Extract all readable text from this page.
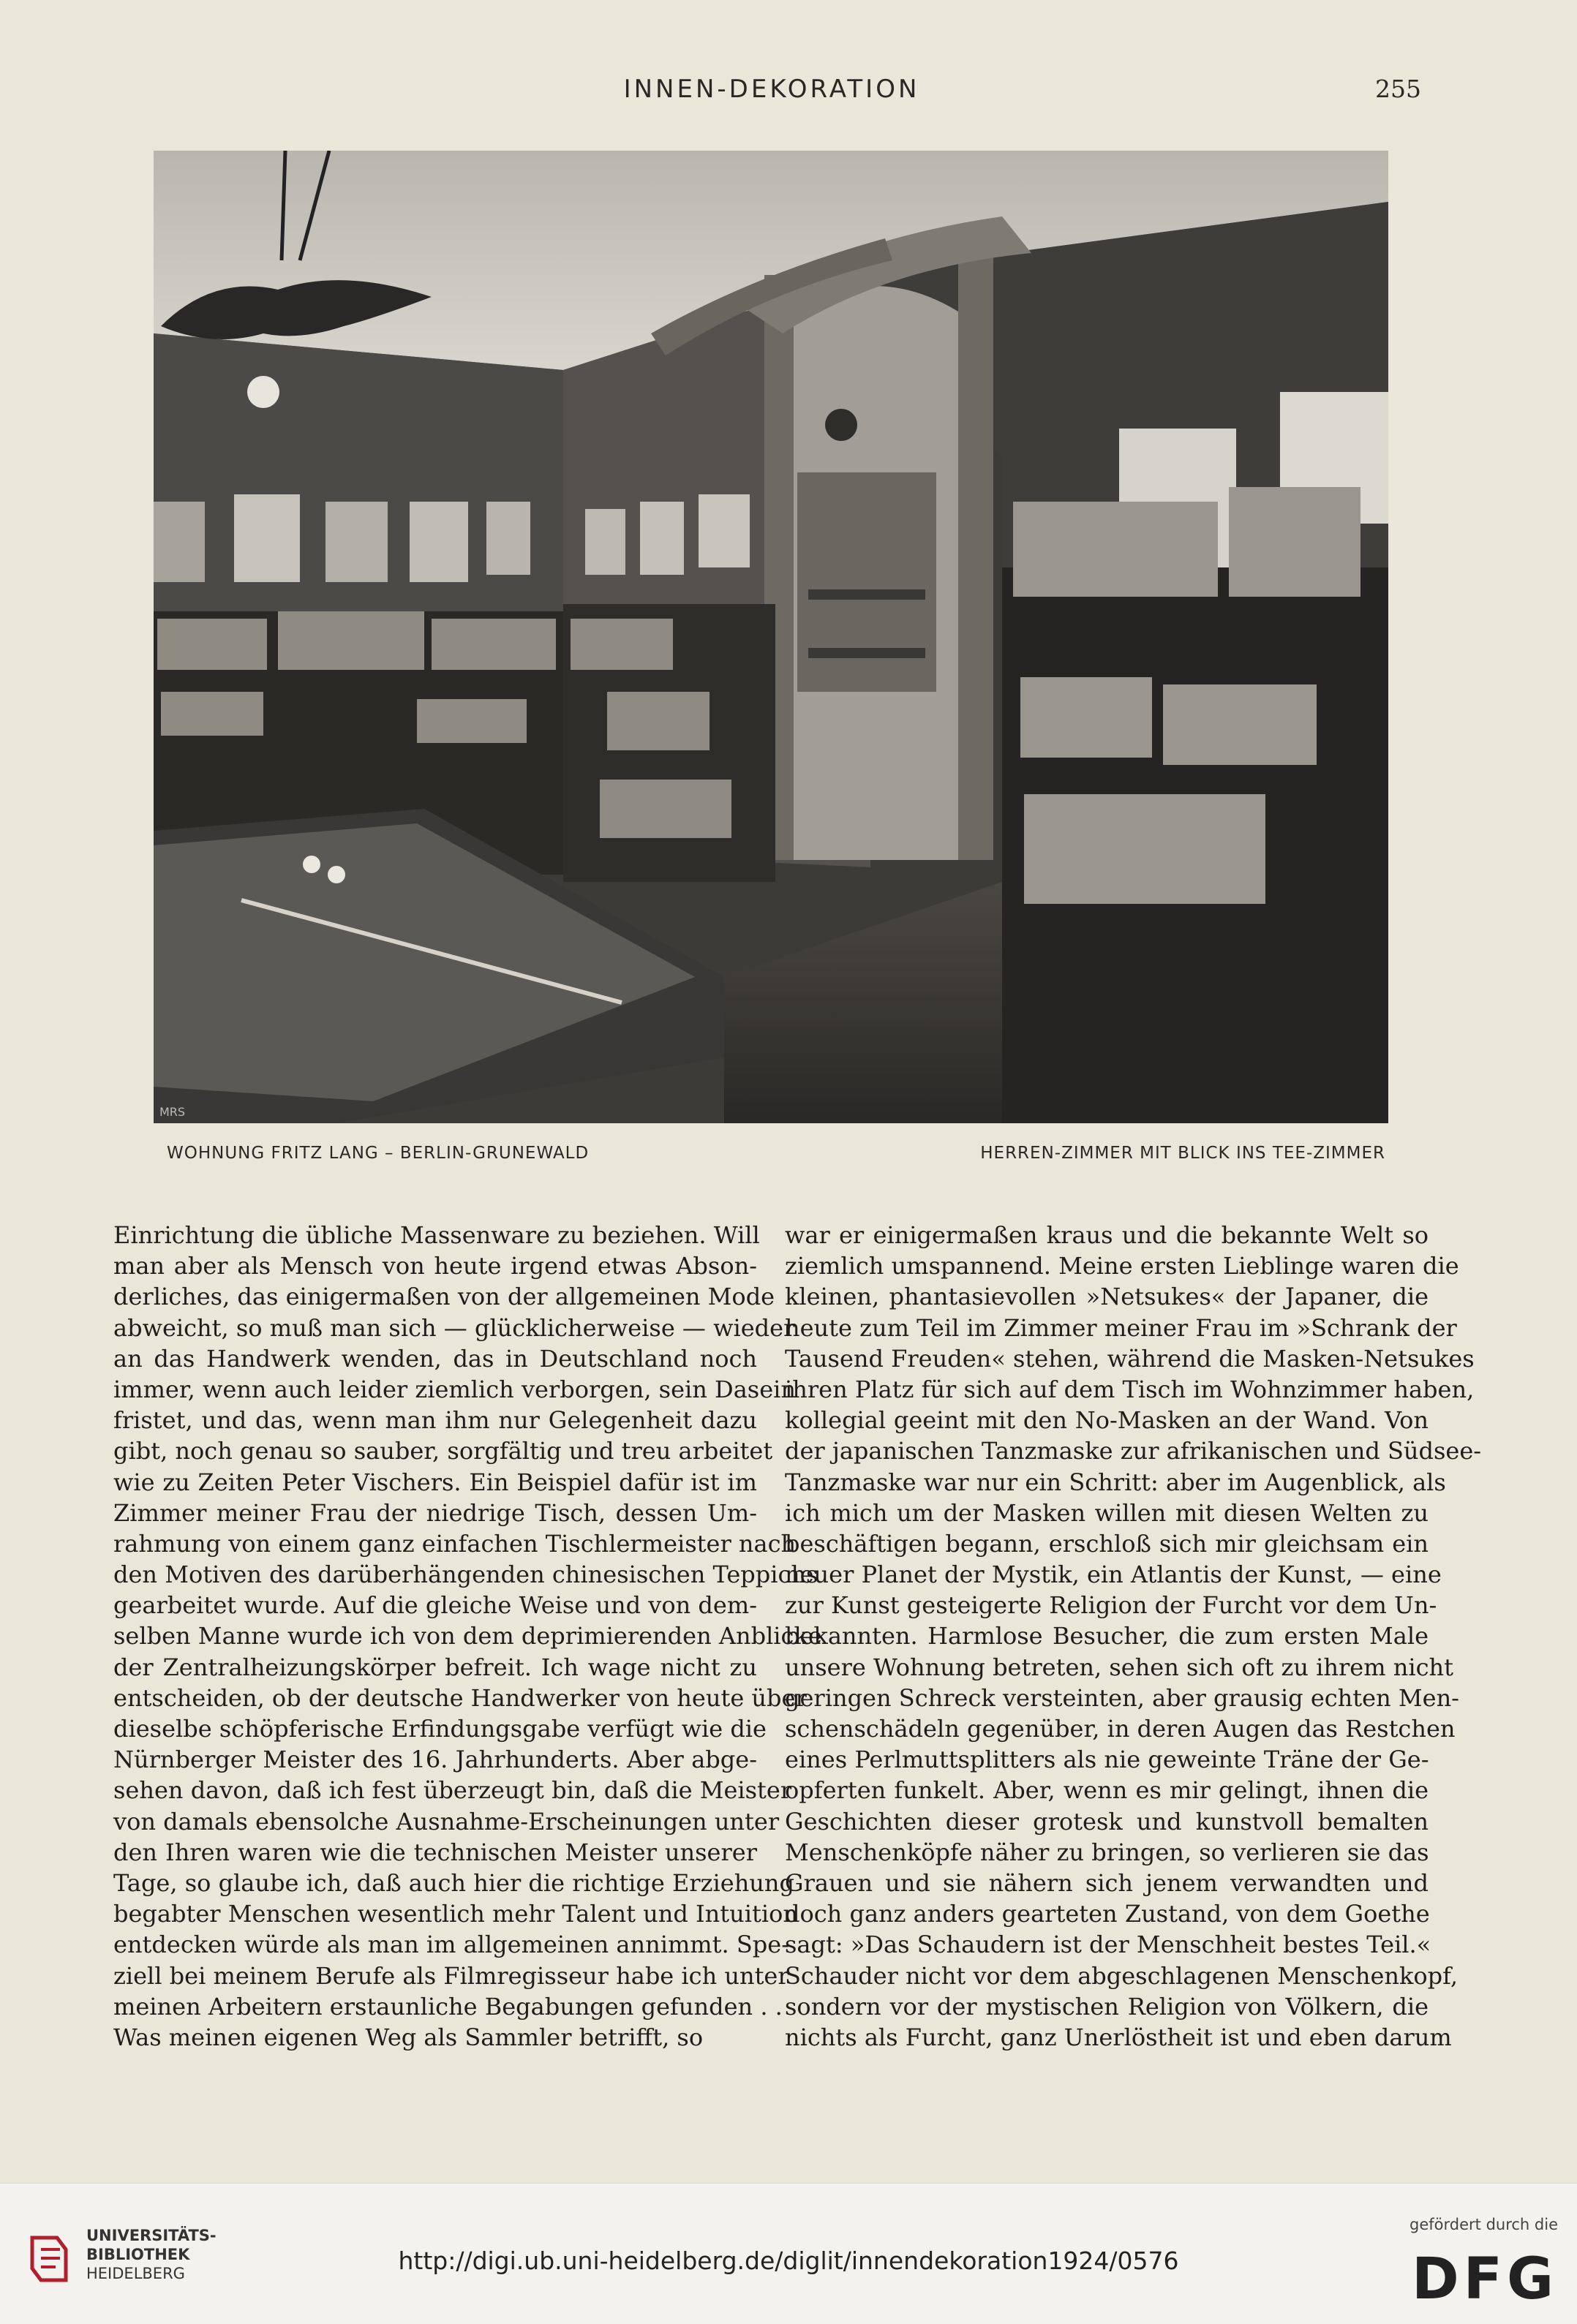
INNEN-DEKORATION	255
MRS
WOHNUNG FRITZ LANG – BERLIN-GRUNEWALD	HERREN-ZIMMER MIT BLICK INS TEE-ZIMMER
Einrichtung die übliche Massenware zu beziehen. Will
man aber als Mensch von heute irgend etwas Abson-
derliches, das einigermaßen von der allgemeinen Mode
abweicht, so muß man sich — glücklicherweise — wieder
an das Handwerk wenden, das in Deutschland noch
immer, wenn auch leider ziemlich verborgen, sein Dasein
fristet, und das, wenn man ihm nur Gelegenheit dazu
gibt, noch genau so sauber, sorgfältig und treu arbeitet
wie zu Zeiten Peter Vischers. Ein Beispiel dafür ist im
Zimmer meiner Frau der niedrige Tisch, dessen Um-
rahmung von einem ganz einfachen Tischlermeister nach
den Motiven des darüberhängenden chinesischen Teppichs
gearbeitet wurde. Auf die gleiche Weise und von dem-
selben Manne wurde ich von dem deprimierenden Anblicke
der Zentralheizungskörper befreit. Ich wage nicht zu
entscheiden, ob der deutsche Handwerker von heute über
dieselbe schöpferische Erfindungsgabe verfügt wie die
Nürnberger Meister des 16. Jahrhunderts. Aber abge-
sehen davon, daß ich fest überzeugt bin, daß die Meister
von damals ebensolche Ausnahme-Erscheinungen unter
den Ihren waren wie die technischen Meister unserer
Tage, so glaube ich, daß auch hier die richtige Erziehung
begabter Menschen wesentlich mehr Talent und Intuition
entdecken würde als man im allgemeinen annimmt. Spe-
ziell bei meinem Berufe als Filmregisseur habe ich unter
meinen Arbeitern erstaunliche Begabungen gefunden . .
Was meinen eigenen Weg als Sammler betrifft, so
war er einigermaßen kraus und die bekannte Welt so
ziemlich umspannend. Meine ersten Lieblinge waren die
kleinen, phantasievollen »Netsukes« der Japaner, die
heute zum Teil im Zimmer meiner Frau im »Schrank der
Tausend Freuden« stehen, während die Masken-Netsukes
ihren Platz für sich auf dem Tisch im Wohnzimmer haben,
kollegial geeint mit den No-Masken an der Wand. Von
der japanischen Tanzmaske zur afrikanischen und Südsee-
Tanzmaske war nur ein Schritt: aber im Augenblick, als
ich mich um der Masken willen mit diesen Welten zu
beschäftigen begann, erschloß sich mir gleichsam ein
neuer Planet der Mystik, ein Atlantis der Kunst, — eine
zur Kunst gesteigerte Religion der Furcht vor dem Un-
bekannten. Harmlose Besucher, die zum ersten Male
unsere Wohnung betreten, sehen sich oft zu ihrem nicht
geringen Schreck versteinten, aber grausig echten Men-
schenschädeln gegenüber, in deren Augen das Restchen
eines Perlmuttsplitters als nie geweinte Träne der Ge-
opferten funkelt. Aber, wenn es mir gelingt, ihnen die
Geschichten dieser grotesk und kunstvoll bemalten
Menschenköpfe näher zu bringen, so verlieren sie das
Grauen und sie nähern sich jenem verwandten und
doch ganz anders gearteten Zustand, von dem Goethe
sagt: »Das Schaudern ist der Menschheit bestes Teil.«
Schauder nicht vor dem abgeschlagenen Menschenkopf,
sondern vor der mystischen Religion von Völkern, die
nichts als Furcht, ganz Unerlöstheit ist und eben darum
UNIVERSITÄTS-
BIBLIOTHEK
HEIDELBERG	http://digi.ub.uni-heidelberg.de/diglit/innendekoration1924/0576
gefördert durch die
DFG
